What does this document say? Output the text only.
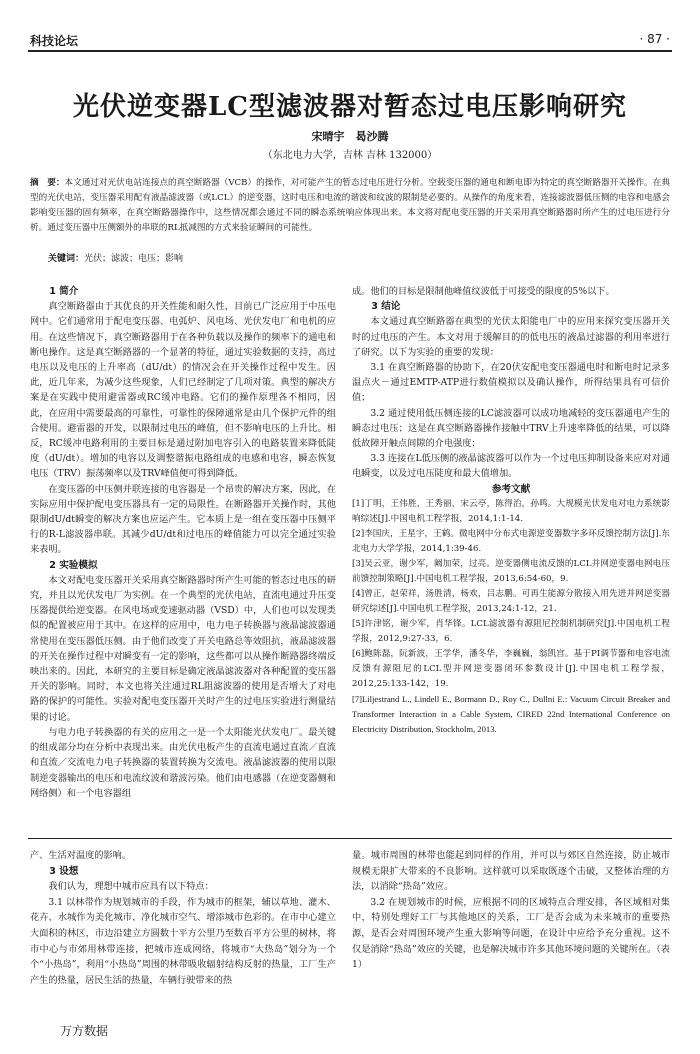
科技论坛	· 87 ·
光伏逆变器LC型滤波器对暂态过电压影响研究
宋晴宇　曷沙腾
（东北电力大学，吉林 吉林 132000）
摘　要：本文通过对光伏电站连接点的真空断路器（VCB）的操作，对可能产生的暂态过电压进行分析。空载变压器的通电和断电即为特定的真空断路器开关操作。在典型的光伏电站，变压器采用配有液晶滤波器（或LCL）的逆变器，这时电压和电流的谐波和纹波的限制是必要的。从操作的角度来看，连接滤波器低压侧的电容和电感会影响变压器的固有频率，在真空断路器操作中，这些情况都会通过不同的瞬态系统响应体现出来。本文将对配电变压器的开关采用真空断路器时所产生的过电压进行分析。通过变压器中压侧额外的串联的RL抵减图的方式来验证瞬间的可能性。
关键词：光伏；滤波；电压；影响
1 简介

真空断路器由于其优良的开关性能和耐久性，目前已广泛应用于中压电网中。它们通常用于配电变压器、电弧炉、风电场、光伏发电厂和电机的应用。在这些情况下，真空断路器用于在各种负载以及操作的频率下的通电和断电操作。这是真空断路器的一个显著的特征，通过实验数据的支持，高过电压以及电压的上升率高（dU/dt）的情况会在开关操作过程中发生。因此，近几年来，为减少这些现象，人们已经制定了几项对策。典型的解决方案是在实践中使用避雷器或RC缓冲电路。它们的操作原理各不相同，因此，在应用中需要最高的可靠性，可靠性的保障通常是由几个保护元件的组合使用。避雷器的开发，以限制过电压的峰值，但不影响电压的上升比。相反，RC缓冲电路利用的主要目标是通过附加电容引入的电路装置来降低陡度（dU/dt）。增加的电容以及调整谐振电路组成的电感和电容，瞬态恢复电压（TRV）振荡频率以及TRV峰值便可得到降低。

在变压器的中压侧并联连接的电容器是一个昂贵的解决方案，因此，在实际应用中保护配电变压器具有一定的局限性。在断路器开关操作时，其他限制dU/dt瞬变的解决方案也应运产生。它本质上是一组在变压器中压侧平行的R-L滤波器串联。其减少dU/dt和过电压的峰值能力可以完全通过实验来表明。

2 实验模拟

本文对配电变压器开关采用真空断路器时所产生可能的暂态过电压的研究，并且以光伏发电厂为实例。在一个典型的光伏电站，直流电通过升压变压器提供给逆变器。在风电场或变速驱动器（VSD）中，人们也可以发现类似的配置被应用于其中。在这样的应用中，电力电子转换器与液晶滤波器通常使用在变压器低压侧。由于他们改变了开关电路总等效阻抗，液晶滤波器的开关在操作过程中对瞬变有一定的影响，这些都可以从操作断路器终端反映出来的。因此，本研究的主要目标是确定液晶滤波器对各种配置的变压器开关的影响。同时，本文也将关注通过RL阻滤波器的使用是否增大了对电路的保护的可能性。实验对配电变压器开关时产生的过电压实验进行测量结果的讨论。

与电力电子转换器的有关的应用之一是一个太阳能光伏发电厂。最关键的组成部分均在分析中表现出来。由光伏电板产生的直流电通过直流／直流和直流／交流电力电子转换器的装置转换为交流电。液晶滤波器的使用以限制逆变器输出的电压和电流纹波和谐波污染。他们由电感器（在逆变器侧和网络侧）和一个电容器组

成。他们的目标是限制他峰值纹波低于可接受的限度的5%以下。

3 结论

本文通过真空断路器在典型的光伏太阳能电厂中的应用来探究变压器开关时的过电压的产生。本文对用于缓解目的的低电压的液晶过滤器的利用率进行了研究。以下为实验的重要的发现：

3.1 在真空断路器的协助下，在20伏安配电变压器通电时和断电时记录多温点火－通过EMTP-ATP进行数值模拟以及确认操作，所得结果具有可信价值；

3.2 通过使用低压侧连接的LC滤波器可以成功地减轻的变压器通电产生的瞬态过电压；这是在真空断路器操作接触中TRV上升速率降低的结果，可以降低故障开触点间隙的介电强度；

3.3 连接在L低压侧的液晶滤波器可以作为一个过电压抑制设备来应对对通电瞬变，以及过电压陡度和最大值增加。

参考文献
[1]丁明，王伟胜，王秀丽，宋云亭，陈得治，孙鸣。大规模光伏发电对电力系统影响综述[J].中国电机工程学报，2014,1:1-14.
[2]李国庆，王星宇，王鹤。微电网中分布式电源逆变器数字多环反馈控制方法[J].东北电力大学学报，2014,1:39-46.
[3]吴云亚，谢少军，阚加荣，过亮。逆变器侧电流反馈的LCL并网逆变器电网电压前馈控制策略[J].中国电机工程学报，2013,6:54-60，9.
[4]曾正，赵荣祥，汤胜清，杨欢，吕志鹏。可再生能源分散接入用先进并网逆变器研究综述[J].中国电机工程学报，2013,24:1-12，21.
[5]许津铭，谢少军，肖华锋。LCL滤波器有源阻尼控制机制研究[J].中国电机工程学报，2012,9:27-33，6.
[6]鲍陈磊，阮新波，王学华，潘冬华，李巍巍，翁凯宫。基于PI调节器和电容电流反馈有源阻尼的LCL型并网逆变器闭环参数设计[J].中国电机工程学报，2012,25:133-142，19.
[7]Liljestrand L., Lindell E., Bormann D., Roy C., Dullni E.: Vacuum Circuit Breaker and Transformer Interaction in a Cable System, CIRED 22nd International Conference on Electricity Distribution, Stockholm, 2013.

产、生活对温度的影响。

3 设想

我们认为，理想中城市应具有以下特点：

3.1 以林带作为规划城市的手段，作为城市的框架，辅以草地、灌木、花卉、水城作为美化城市、净化城市空气、增添城市色彩的。在市中心建立大面积的林区，市边沿建立方圆数十平方公里乃至数百平方公里的树林，将市中心与市郊用林带连接，把城市连成网络，将城市“大热岛”划分为一个个“小热岛”，利用“小热岛”周围的林带吸收辐射结构反射的热量，工厂生产产生的热量，居民生活的热量，车辆行驶带来的热

量。城市周围的林带也能起到同样的作用，并可以与郊区自然连接，防止城市规模无限扩大带来的不良影响。这样就可以采取既逐个击破，又整体治理的方法，以消除“热岛”效应。

3.2 在规划城市的时候，应根据不同的区域特点合理安排，各区域相对集中，特别处理好工厂与其他地区的关系，工厂是否会成为未来城市的重要热源，是否会对周围环境产生重大影响等问题，在设计中应给予充分重视。这不仅是消除“热岛”效应的关键，也是解决城市许多其他环境问题的关键所在。（表1）

万方数据
